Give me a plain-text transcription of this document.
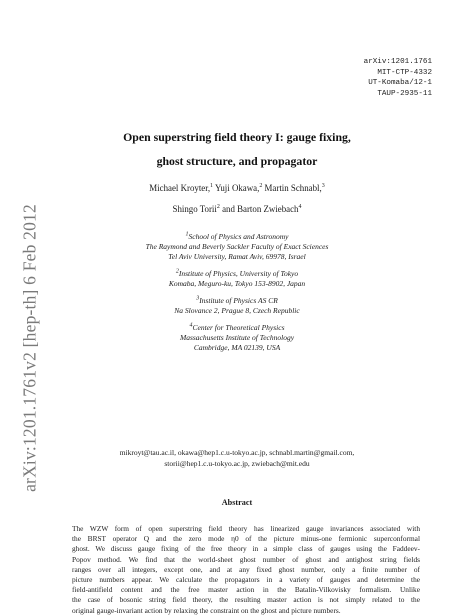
arXiv:1201.1761v2 [hep-th] 6 Feb 2012
arXiv:1201.1761
MIT-CTP-4332
UT-Komaba/12-1
TAUP-2935-11
Open superstring field theory I: gauge fixing,
ghost structure, and propagator
Michael Kroyter,$^1$ Yuji Okawa,$^2$ Martin Schnabl,$^3$
Shingo Torii$^2$ and Barton Zwiebach$^4$
$^1$School of Physics and Astronomy
The Raymond and Beverly Sackler Faculty of Exact Sciences
Tel Aviv University, Ramat Aviv, 69978, Israel
$^2$Institute of Physics, University of Tokyo
Komaba, Meguro-ku, Tokyo 153-8902, Japan
$^3$Institute of Physics AS CR
Na Slovance 2, Prague 8, Czech Republic
$^4$Center for Theoretical Physics
Massachusetts Institute of Technology
Cambridge, MA 02139, USA
mikroyt@tau.ac.il, okawa@hep1.c.u-tokyo.ac.jp, schnabl.martin@gmail.com,
storii@hep1.c.u-tokyo.ac.jp, zwiebach@mit.edu
Abstract
The WZW form of open superstring field theory has linearized gauge invariances associated with
the BRST operator Q and the zero mode η0 of the picture minus-one fermionic superconformal
ghost. We discuss gauge fixing of the free theory in a simple class of gauges using the Faddeev-
Popov method. We find that the world-sheet ghost number of ghost and antighost string fields
ranges over all integers, except one, and at any fixed ghost number, only a finite number of
picture numbers appear. We calculate the propagators in a variety of gauges and determine the
field-antifield content and the free master action in the Batalin-Vilkovisky formalism. Unlike
the case of bosonic string field theory, the resulting master action is not simply related to the
original gauge-invariant action by relaxing the constraint on the ghost and picture numbers.
